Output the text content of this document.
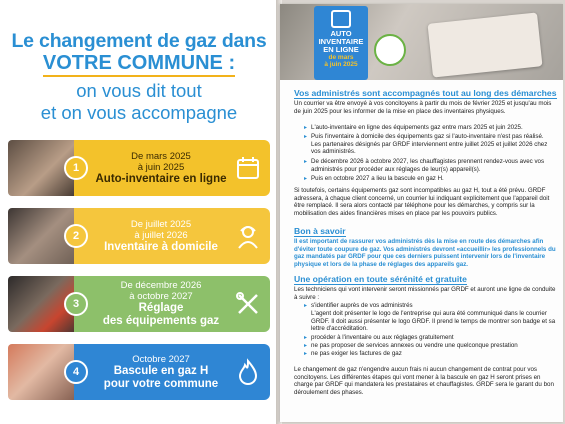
Le changement de gaz dans
VOTRE COMMUNE :
on vous dit tout
et on vous accompagne
1
De mars 2025
à juin 2025
Auto-inventaire en ligne
2
De juillet 2025
à juillet 2026
Inventaire à domicile
3
De décembre 2026
à octobre 2027
Réglage
des équipements gaz
4
Octobre 2027
Bascule en gaz H
pour votre commune
AUTO
INVENTAIRE
EN LIGNE
de mars
à juin 2025
Vos administrés sont accompagnés tout au long des démarches
Un courrier va être envoyé à vos concitoyens à partir du mois de février 2025 et jusqu'au mois de juin 2025 pour les informer de la mise en place des inventaires physiques.
▸ L'auto-inventaire en ligne des équipements gaz entre mars 2025 et juin 2025.
▸ Puis l'inventaire à domicile des équipements gaz si l'auto-inventaire n'est pas réalisé. Les partenaires désignés par GRDF interviennent entre juillet 2025 et juillet 2026 chez vos administrés.
▸ De décembre 2026 à octobre 2027, les chauffagistes prennent rendez-vous avec vos administrés pour procéder aux réglages de leur(s) appareil(s).
▸ Puis en octobre 2027 a lieu la bascule en gaz H.
Si toutefois, certains équipements gaz sont incompatibles au gaz H, tout a été prévu. GRDF adressera, à chaque client concerné, un courrier lui indiquant explicitement que l'appareil doit être remplacé. Il sera alors contacté par téléphone pour les démarches, y compris sur la mobilisation des aides financières mises en place par les pouvoirs publics.
Bon à savoir
Il est important de rassurer vos administrés dès la mise en route des démarches afin d'éviter toute coupure de gaz. Vos administrés devront «accueillir» les professionnels du gaz mandatés par GRDF pour que ces derniers puissent intervenir lors de l'inventaire physique et lors de la phase de réglages des appareils gaz.
Une opération en toute sérénité et gratuite
Les techniciens qui vont intervenir seront missionnés par GRDF et auront une ligne de conduite à suivre :
▸ s'identifier auprès de vos administrés
L'agent doit présenter le logo de l'entreprise qui aura été communiqué dans le courrier GRDF. Il doit aussi présenter le logo GRDF. Il prend le temps de montrer son badge et sa lettre d'accréditation.
▸ procéder à l'inventaire ou aux réglages gratuitement
▸ ne pas proposer de services annexes ou vendre une quelconque prestation
▸ ne pas exiger les factures de gaz
Le changement de gaz n'engendre aucun frais ni aucun changement de contrat pour vos concitoyens. Les différentes étapes qui vont mener à la bascule en gaz H seront prises en charge par GRDF qui mandatera les prestataires et chauffagistes. GRDF sera le garant du bon déroulement des phases.
